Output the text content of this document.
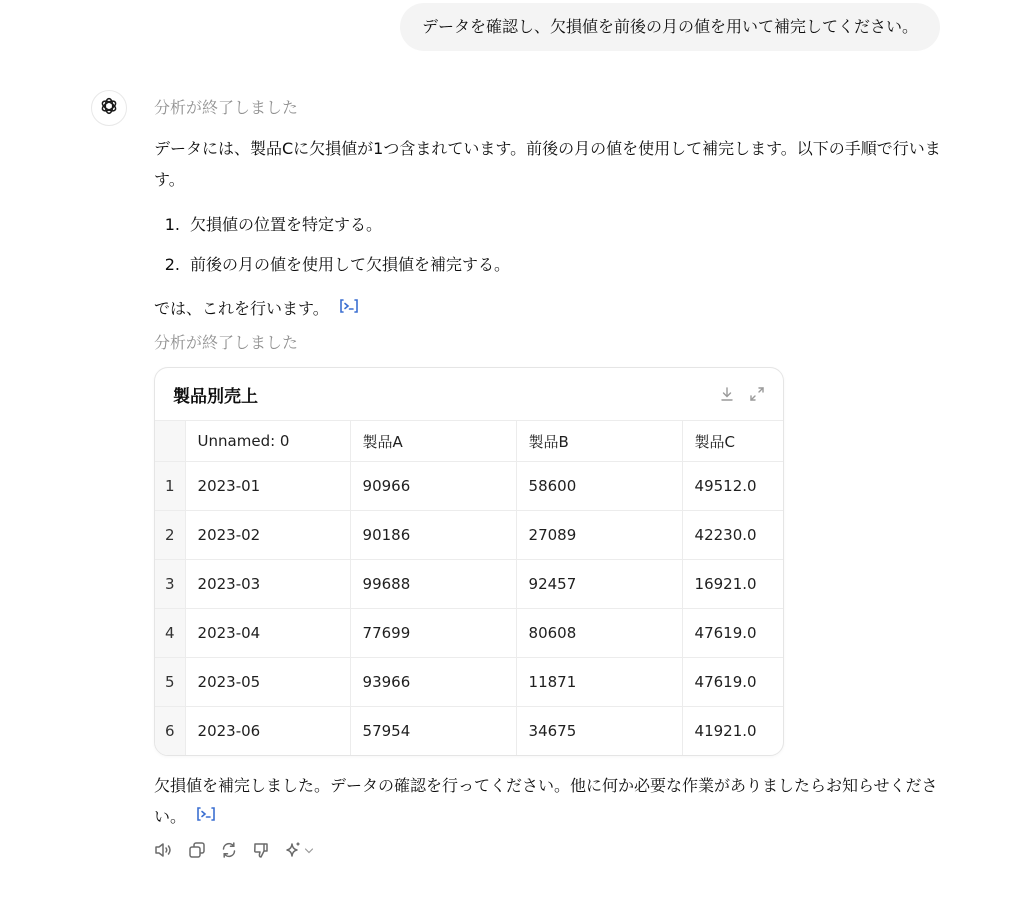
データを確認し、欠損値を前後の月の値を用いて補完してください。
分析が終了しました

データには、製品Cに欠損値が1つ含まれています。前後の月の値を使用して補完します。以下の手順で行います。

1. 欠損値の位置を特定する。
2. 前後の月の値を使用して欠損値を補完する。
では、これを行います。
分析が終了しました
製品別売上
	Unnamed: 0	製品A	製品B	製品C
1	2023-01	90966	58600	49512.0
2	2023-02	90186	27089	42230.0
3	2023-03	99688	92457	16921.0
4	2023-04	77699	80608	47619.0
5	2023-05	93966	11871	47619.0
6	2023-06	57954	34675	41921.0
欠損値を補完しました。データの確認を行ってください。他に何か必要な作業がありましたらお知らせください。
